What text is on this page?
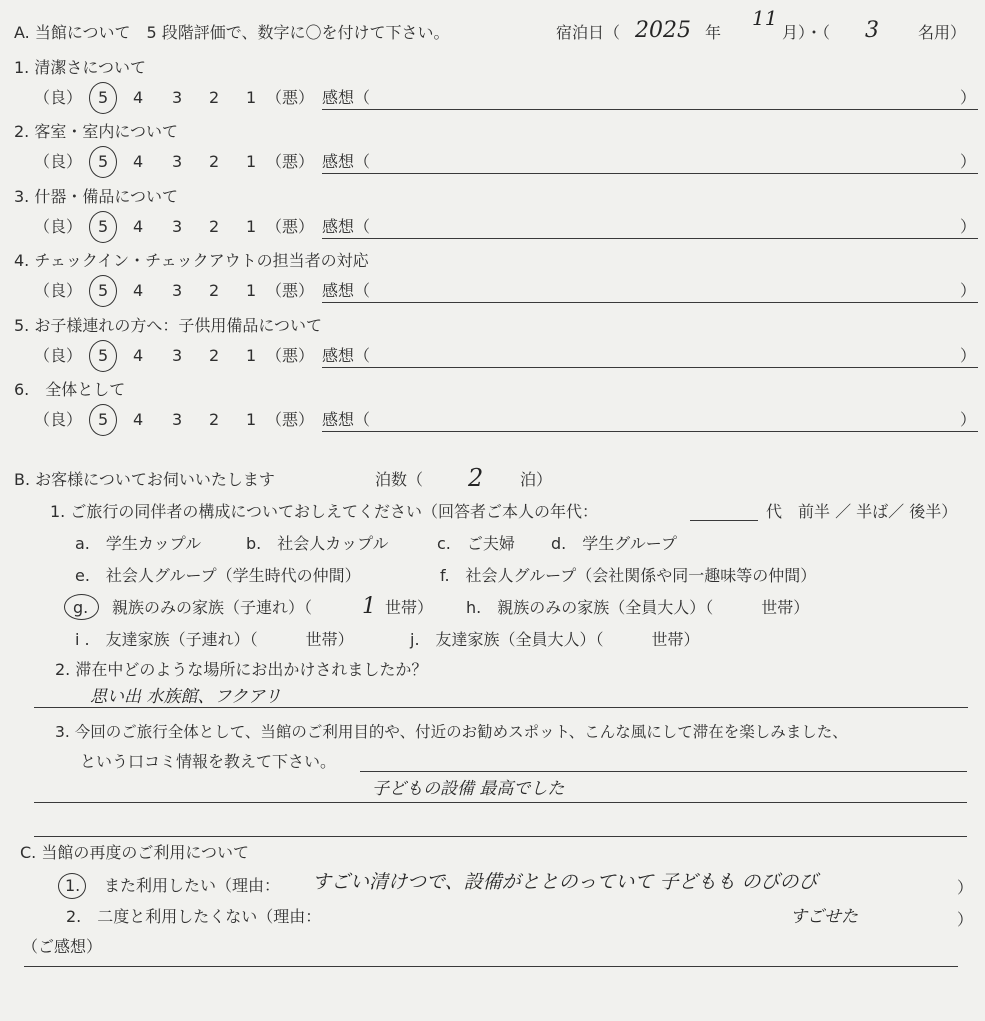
A. 当館について　5 段階評価で、数字に〇を付けて下さい。	宿泊日（ 2025 年
11
月）・（ 3 名用）
1. 清潔さについて
（良） 5 4 3 2 1 （悪） 感想（	）
2. 客室・室内について
（良） 5 4 3 2 1 （悪） 感想（	）
3. 什器・備品について
（良） 5 4 3 2 1 （悪） 感想（	）
4. チェックイン・チェックアウトの担当者の対応
（良） 5 4 3 2 1 （悪） 感想（	）
5. お子様連れの方へ：子供用備品について
（良） 5 4 3 2 1 （悪） 感想（	）
6.　全体として
（良） 5 4 3 2 1 （悪） 感想（	）
B. お客様についてお伺いいたします	泊数（ 2 泊）
1. ご旅行の同伴者の構成についておしえてください（回答者ご本人の年代：	代　前半 ／ 半ば／ 後半）
a.　学生カップル	b.　社会人カップル	c.　ご夫婦 d.　学生グループ
e.　社会人グループ（学生時代の仲間）	f.　社会人グループ（会社関係や同一趣味等の仲間）
g. 親族のみの家族（子連れ）（ 1 世帯） h.　親族のみの家族（全員大人）（　　　世帯）
i .　友達家族（子連れ）（　　　世帯）	j.　友達家族（全員大人）（　　　世帯）
2. 滞在中どのような場所にお出かけされましたか？
思い出 水族館、フクアリ
3. 今回のご旅行全体として、当館のご利用目的や、付近のお勧めスポット、こんな風にして滞在を楽しみました、
という口コミ情報を教えて下さい。
子どもの設備 最高でした
C. 当館の再度のご利用について
1. また利用したい（理由： すごい清けつで、設備がととのっていて 子どもも のびのび
すごせた
）
2.　二度と利用したくない（理由：	）
（ご感想）
